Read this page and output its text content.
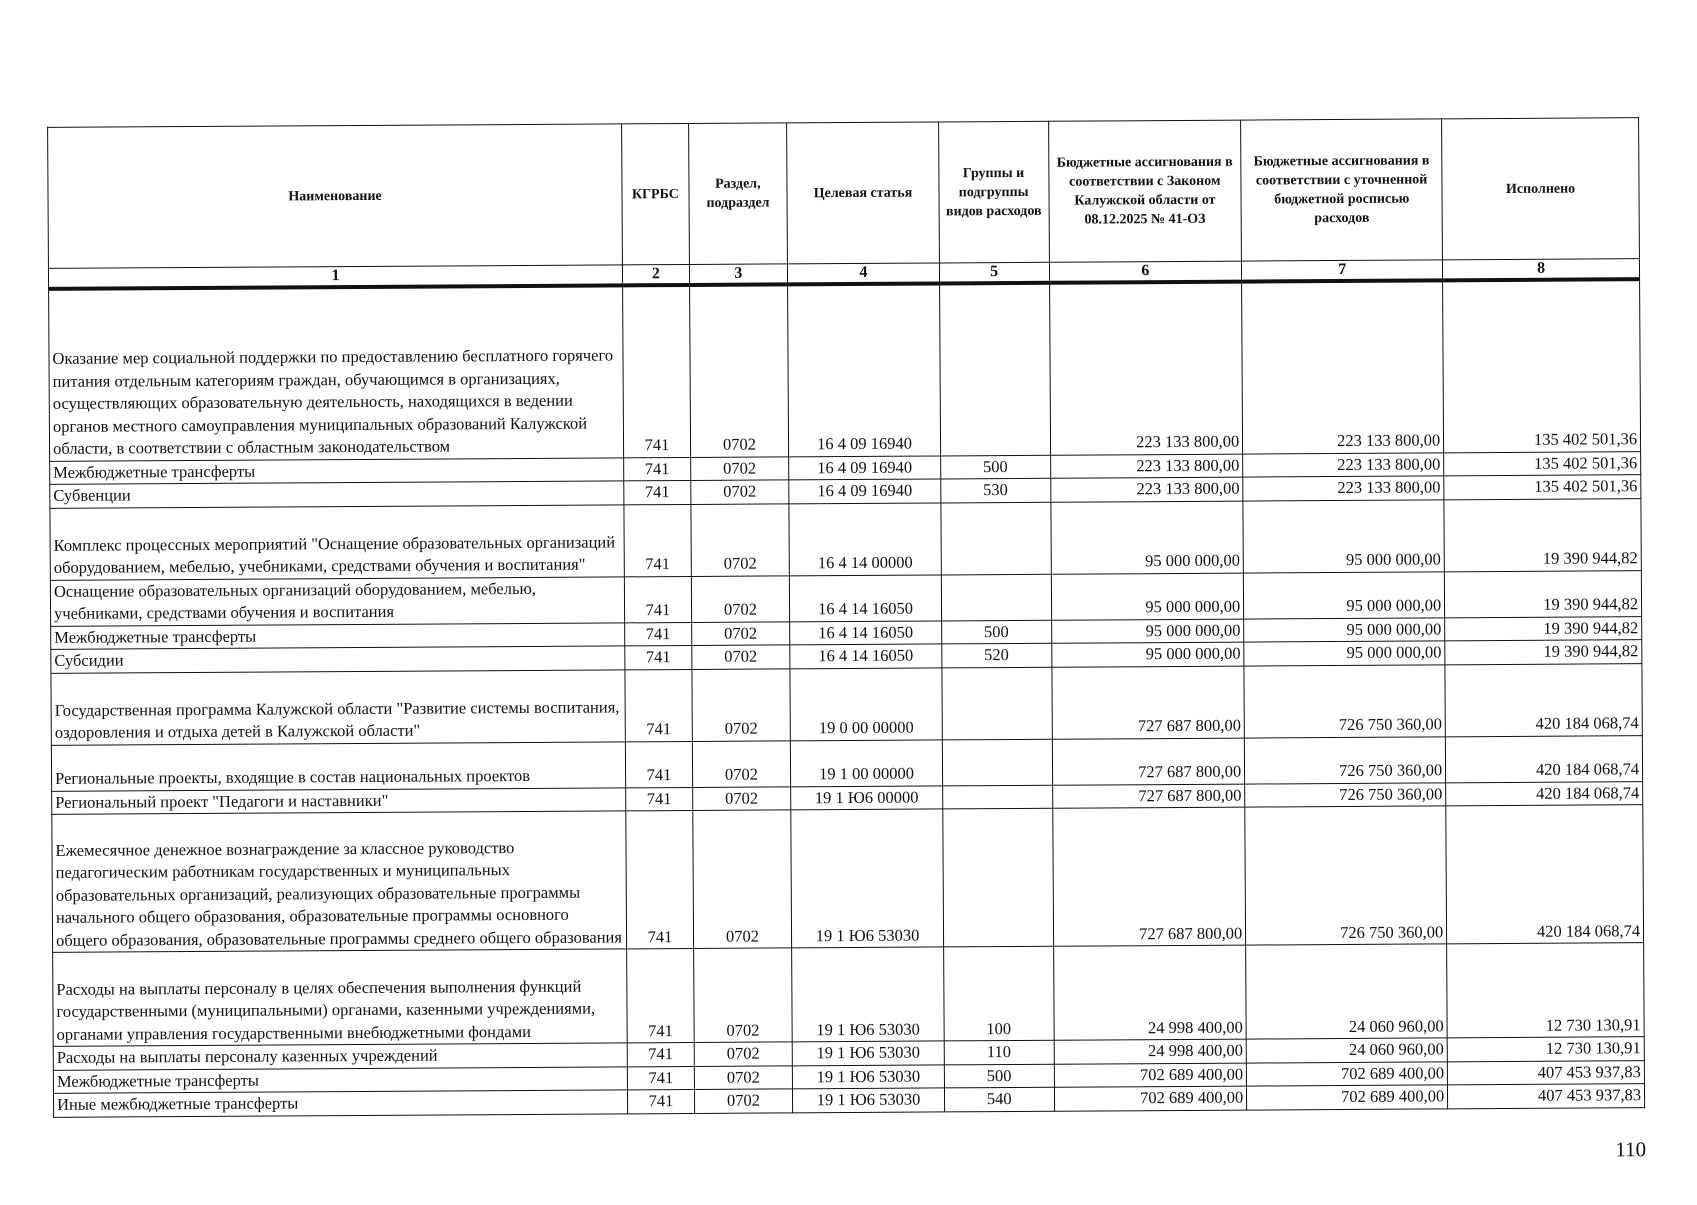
Наименование	КГРБС	Раздел, подраздел	Целевая статья	Группы и подгруппы видов расходов	Бюджетные ассигнования в соответствии с Законом Калужской области от 08.12.2025 № 41-ОЗ	Бюджетные ассигнования в соответствии с уточненной бюджетной росписью расходов	Исполнено
1	2	3	4	5	6	7	8
Оказание мер социальной поддержки по предоставлению бесплатного горячего питания отдельным категориям граждан, обучающимся в организациях, осуществляющих образовательную деятельность, находящихся в ведении органов местного самоуправления муниципальных образований Калужской области, в соответствии с областным законодательством	741	0702	16 4 09 16940		223 133 800,00	223 133 800,00	135 402 501,36
Межбюджетные трансферты	741	0702	16 4 09 16940	500	223 133 800,00	223 133 800,00	135 402 501,36
Субвенции	741	0702	16 4 09 16940	530	223 133 800,00	223 133 800,00	135 402 501,36
Комплекс процессных мероприятий "Оснащение образовательных организаций оборудованием, мебелью, учебниками, средствами обучения и воспитания"	741	0702	16 4 14 00000		95 000 000,00	95 000 000,00	19 390 944,82
Оснащение образовательных организаций оборудованием, мебелью, учебниками, средствами обучения и воспитания	741	0702	16 4 14 16050		95 000 000,00	95 000 000,00	19 390 944,82
Межбюджетные трансферты	741	0702	16 4 14 16050	500	95 000 000,00	95 000 000,00	19 390 944,82
Субсидии	741	0702	16 4 14 16050	520	95 000 000,00	95 000 000,00	19 390 944,82
Государственная программа Калужской области "Развитие системы воспитания, оздоровления и отдыха детей в Калужской области"	741	0702	19 0 00 00000		727 687 800,00	726 750 360,00	420 184 068,74
Региональные проекты, входящие в состав национальных проектов	741	0702	19 1 00 00000		727 687 800,00	726 750 360,00	420 184 068,74
Региональный проект "Педагоги и наставники"	741	0702	19 1 Ю6 00000		727 687 800,00	726 750 360,00	420 184 068,74
Ежемесячное денежное вознаграждение за классное руководство педагогическим работникам государственных и муниципальных образовательных организаций, реализующих образовательные программы начального общего образования, образовательные программы основного общего образования, образовательные программы среднего общего образования	741	0702	19 1 Ю6 53030		727 687 800,00	726 750 360,00	420 184 068,74
Расходы на выплаты персоналу в целях обеспечения выполнения функций государственными (муниципальными) органами, казенными учреждениями, органами управления государственными внебюджетными фондами	741	0702	19 1 Ю6 53030	100	24 998 400,00	24 060 960,00	12 730 130,91
Расходы на выплаты персоналу казенных учреждений	741	0702	19 1 Ю6 53030	110	24 998 400,00	24 060 960,00	12 730 130,91
Межбюджетные трансферты	741	0702	19 1 Ю6 53030	500	702 689 400,00	702 689 400,00	407 453 937,83
Иные межбюджетные трансферты	741	0702	19 1 Ю6 53030	540	702 689 400,00	702 689 400,00	407 453 937,83
110
